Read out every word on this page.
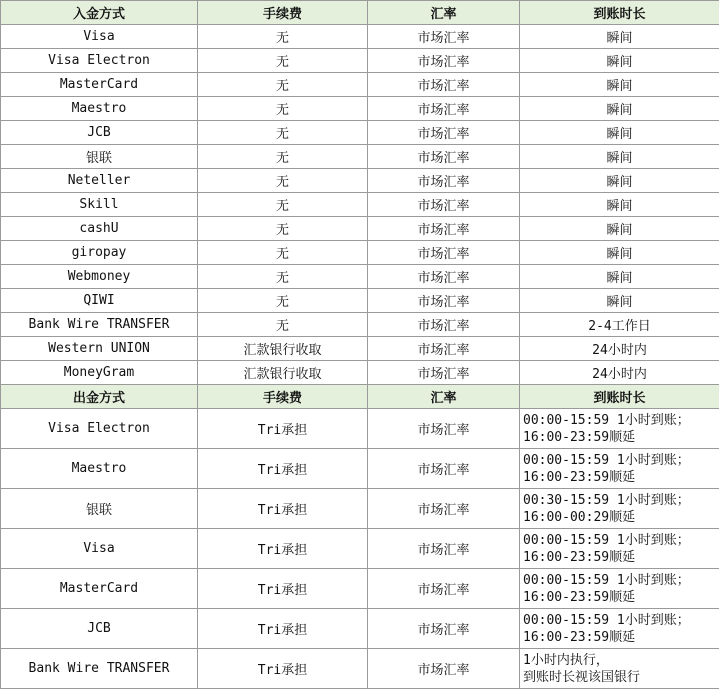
入金方式	手续费	汇率	到账时长
Visa	无	市场汇率	瞬间
Visa Electron	无	市场汇率	瞬间
MasterCard	无	市场汇率	瞬间
Maestro	无	市场汇率	瞬间
JCB	无	市场汇率	瞬间
银联	无	市场汇率	瞬间
Neteller	无	市场汇率	瞬间
Skill	无	市场汇率	瞬间
cashU	无	市场汇率	瞬间
giropay	无	市场汇率	瞬间
Webmoney	无	市场汇率	瞬间
QIWI	无	市场汇率	瞬间
Bank Wire TRANSFER	无	市场汇率	2-4工作日
Western UNION	汇款银行收取	市场汇率	24小时内
MoneyGram	汇款银行收取	市场汇率	24小时内
出金方式	手续费	汇率	到账时长
Visa Electron	Tri承担	市场汇率	00:00-15:59 1小时到账；
16:00-23:59顺延

Maestro	Tri承担	市场汇率	00:00-15:59 1小时到账；
16:00-23:59顺延

银联	Tri承担	市场汇率	00:30-15:59 1小时到账；
16:00-00:29顺延

Visa	Tri承担	市场汇率	00:00-15:59 1小时到账；
16:00-23:59顺延

MasterCard	Tri承担	市场汇率	00:00-15:59 1小时到账；
16:00-23:59顺延

JCB	Tri承担	市场汇率	00:00-15:59 1小时到账；
16:00-23:59顺延

Bank Wire TRANSFER	Tri承担	市场汇率	1小时内执行，
到账时长视该国银行
